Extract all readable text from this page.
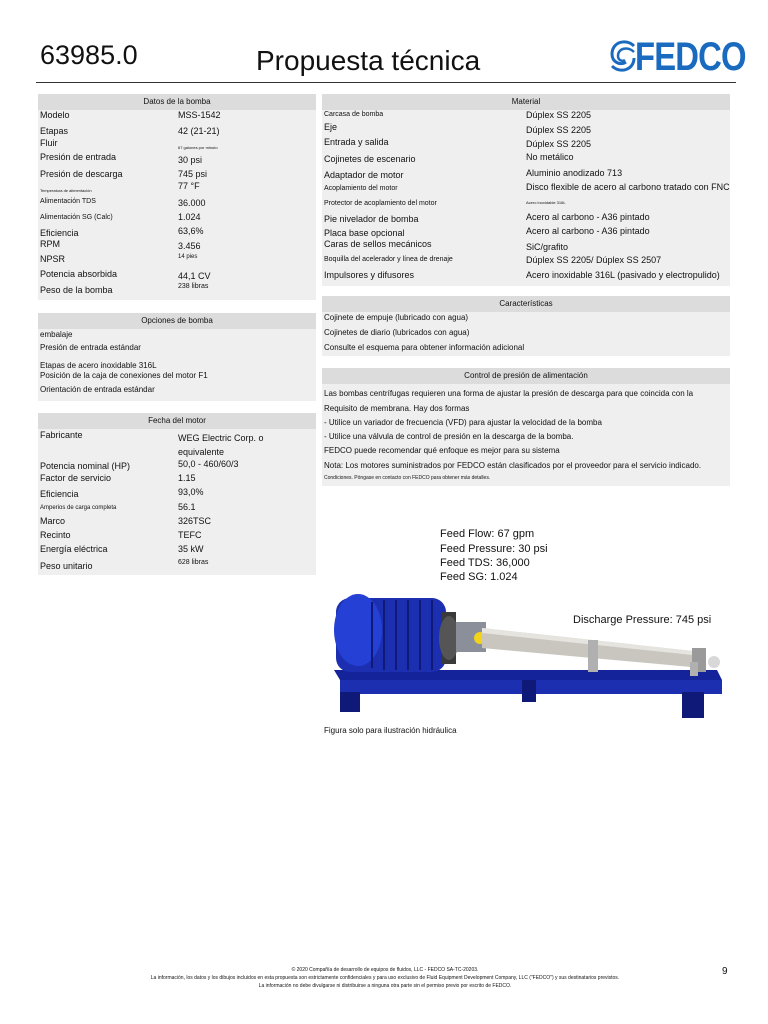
63985.0	Propuesta técnica	FEDCO
Datos de la bomba
Modelo	MSS-1542
Etapas	42 (21-21)
Fluir	67 galones por minuto
Presión de entrada	30 psi
Presión de descarga	745 psi
Temperatura de alimentación	77 °F
Alimentación TDS	36.000
Alimentación SG (Calc)	1.024
Eficiencia	63,6%
RPM	3.456
NPSR	14 pies
Potencia absorbida	44,1 CV
Peso de la bomba	238 libras
Opciones de bomba
embalaje
Presión de entrada estándar
Etapas de acero inoxidable 316L
Posición de la caja de conexiones del motor F1
Orientación de entrada estándar
Fecha del motor
Fabricante	WEG Electric Corp. o
equivalente
Potencia nominal (HP)	50,0 - 460/60/3
Factor de servicio	1.15
Eficiencia	93,0%
Amperios de carga completa	56.1
Marco	326TSC
Recinto	TEFC
Energía eléctrica	35 kW
Peso unitario	628 libras
Material
Carcasa de bomba	Dúplex SS 2205
Eje	Dúplex SS 2205
Entrada y salida	Dúplex SS 2205
Cojinetes de escenario	No metálico
Adaptador de motor	Aluminio anodizado 713
Acoplamiento del motor	Disco flexible de acero al carbono tratado con FNC
Protector de acoplamiento del motor	Acero inoxidable 316L
Pie nivelador de bomba	Acero al carbono - A36 pintado
Placa base opcional	Acero al carbono - A36 pintado
Caras de sellos mecánicos	SiC/grafito
Boquilla del acelerador y línea de drenaje	Dúplex SS 2205/ Dúplex SS 2507
Impulsores y difusores	Acero inoxidable 316L (pasivado y electropulido)
Características
Cojinete de empuje (lubricado con agua)
Cojinetes de diario (lubricados con agua)
Consulte el esquema para obtener información adicional
Control de presión de alimentación
Las bombas centrífugas requieren una forma de ajustar la presión de descarga para que coincida con la
Requisito de membrana. Hay dos formas
- Utilice un variador de frecuencia (VFD) para ajustar la velocidad de la bomba
- Utilice una válvula de control de presión en la descarga de la bomba.
FEDCO puede recomendar qué enfoque es mejor para su sistema
Nota: Los motores suministrados por FEDCO están clasificados por el proveedor para el servicio indicado.
Condiciones. Póngase en contacto con FEDCO para obtener más detalles.
Feed Flow: 67 gpm
Feed Pressure: 30 psi
Feed TDS: 36,000
Feed SG: 1.024
Discharge Pressure: 745 psi
Figura solo para ilustración hidráulica
© 2020 Compañía de desarrollo de equipos de fluidos, LLC - FEDCO SA-TC-20203.
La información, los datos y los dibujos incluidos en esta propuesta son estrictamente confidenciales y para uso exclusivo de Fluid Equipment Development Company, LLC ("FEDCO") y sus destinatarios previstos.
La información no debe divulgarse ni distribuirse a ninguna otra parte sin el permiso previo por escrito de FEDCO.
9
